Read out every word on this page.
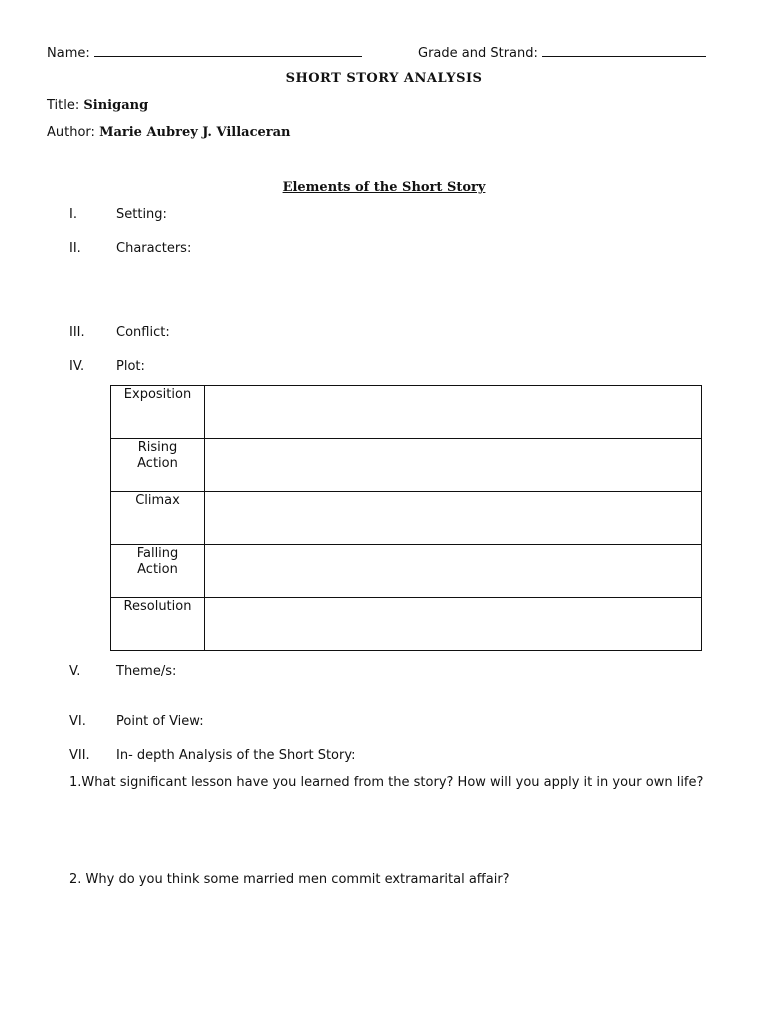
Name:	Grade and Strand:
SHORT STORY ANALYSIS
Title: Sinigang
Author: Marie Aubrey J. Villaceran
Elements of the Short Story
I.	Setting:
II.	Characters:
III. Conflict:
IV. Plot:
Exposition	

Rising
Action	

Climax	

Falling
Action	

Resolution	

V.	Theme/s:
VI. Point of View:
VII. In- depth Analysis of the Short Story:
1.What significant lesson have you learned from the story? How will you apply it in your own life?
2. Why do you think some married men commit extramarital affair?
